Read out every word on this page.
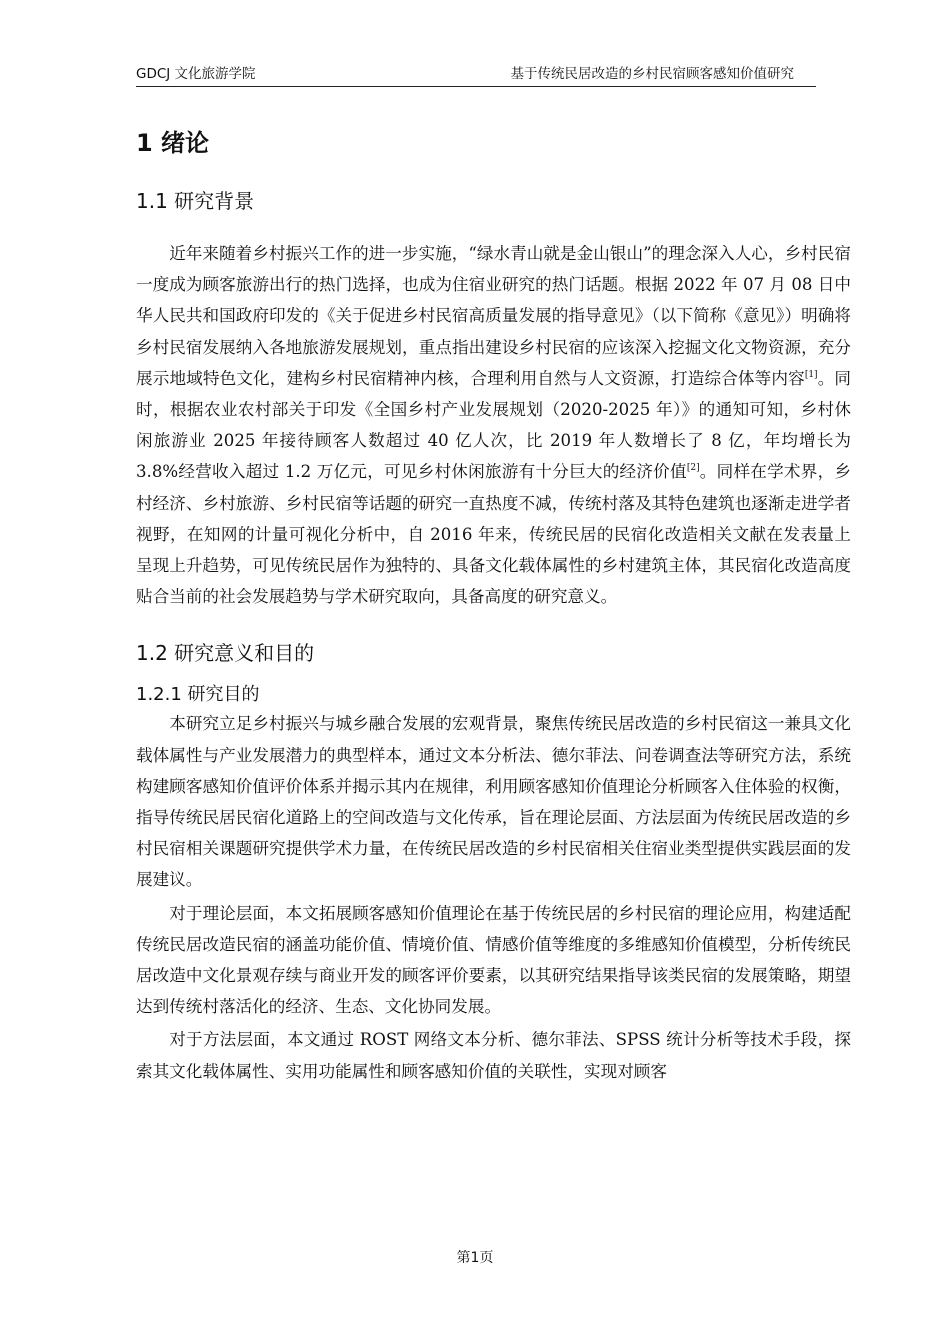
GDCJ 文化旅游学院	基于传统民居改造的乡村民宿顾客感知价值研究
1 绪论
1.1 研究背景

近年来随着乡村振兴工作的进一步实施，“绿水青山就是金山银山”的理念深入人心，乡村民宿一度成为顾客旅游出行的热门选择，也成为住宿业研究的热门话题。根据 2022 年 07 月 08 日中华人民共和国政府印发的《关于促进乡村民宿高质量发展的指导意见》（以下简称《意见》）明确将乡村民宿发展纳入各地旅游发展规划，重点指出建设乡村民宿的应该深入挖掘文化文物资源，充分展示地域特色文化，建构乡村民宿精神内核，合理利用自然与人文资源，打造综合体等内容[1]。同时，根据农业农村部关于印发《全国乡村产业发展规划（2020-2025 年）》的通知可知，乡村休闲旅游业 2025 年接待顾客人数超过 40 亿人次，比 2019 年人数增长了 8 亿，年均增长为 3.8%经营收入超过 1.2 万亿元，可见乡村休闲旅游有十分巨大的经济价值[2]。同样在学术界，乡村经济、乡村旅游、乡村民宿等话题的研究一直热度不减，传统村落及其特色建筑也逐渐走进学者视野，在知网的计量可视化分析中，自 2016 年来，传统民居的民宿化改造相关文献在发表量上呈现上升趋势，可见传统民居作为独特的、具备文化载体属性的乡村建筑主体，其民宿化改造高度贴合当前的社会发展趋势与学术研究取向，具备高度的研究意义。

1.2 研究意义和目的
1.2.1 研究目的

本研究立足乡村振兴与城乡融合发展的宏观背景，聚焦传统民居改造的乡村民宿这一兼具文化载体属性与产业发展潜力的典型样本，通过文本分析法、德尔菲法、问卷调查法等研究方法，系统构建顾客感知价值评价体系并揭示其内在规律，利用顾客感知价值理论分析顾客入住体验的权衡，指导传统民居民宿化道路上的空间改造与文化传承，旨在理论层面、方法层面为传统民居改造的乡村民宿相关课题研究提供学术力量，在传统民居改造的乡村民宿相关住宿业类型提供实践层面的发展建议。

对于理论层面，本文拓展顾客感知价值理论在基于传统民居的乡村民宿的理论应用，构建适配传统民居改造民宿的涵盖功能价值、情境价值、情感价值等维度的多维感知价值模型，分析传统民居改造中文化景观存续与商业开发的顾客评价要素，以其研究结果指导该类民宿的发展策略，期望达到传统村落活化的经济、生态、文化协同发展。

对于方法层面，本文通过 ROST 网络文本分析、德尔菲法、SPSS 统计分析等技术手段，探索其文化载体属性、实用功能属性和顾客感知价值的关联性，实现对顾客

第1页
